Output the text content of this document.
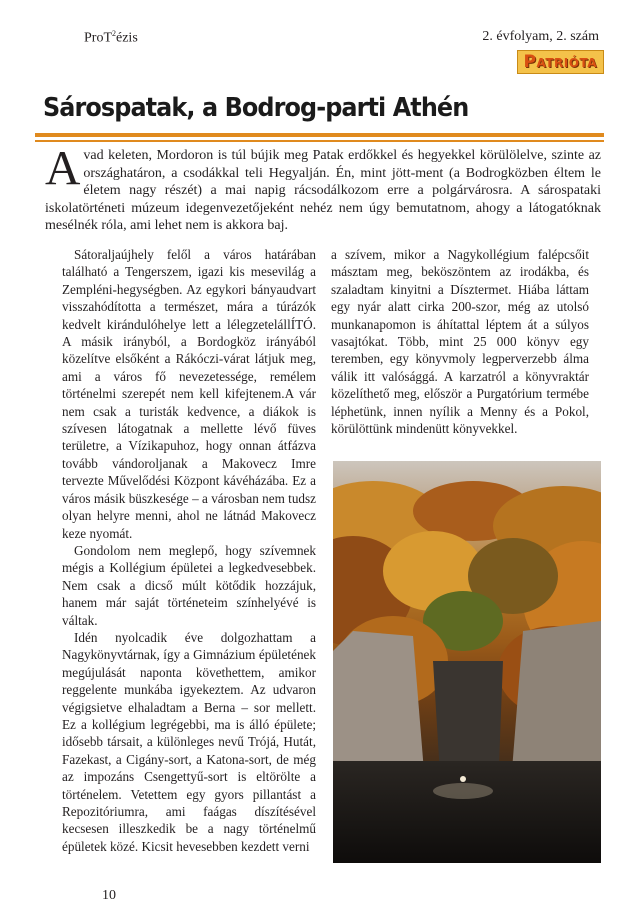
ProT$^2$ézis	2. évfolyam, 2. szám
Patrióta
Sárospatak, a Bodrog-parti Athén
Avad keleten, Mordoron is túl bújik meg Patak erdőkkel és hegyekkel körülölelve, szinte az országhatáron, a csodákkal teli Hegyalján. Én, mint jött-ment (a Bodrogközben éltem le életem nagy részét) a mai napig rácsodálkozom erre a polgárvárosra. A sárospataki iskolatörténeti múzeum idegenvezetőjeként nehéz nem úgy bemutatnom, ahogy a látogatóknak mesélnék róla, ami lehet nem is akkora baj.

Sátoraljaújhely felől a város határában található a Tengerszem, igazi kis mesevilág a Zempléni-hegységben. Az egykori bányaudvart visszahódította a természet, mára a túrázók kedvelt kirándulóhelye lett a lélegzetelállÍTÓ. A másik irányból, a Bordogköz irányából közelítve elsőként a Rákóczi-várat látjuk meg, ami a város fő nevezetessége, remélem történelmi szerepét nem kell kifejtenem.A vár nem csak a turisták kedvence, a diákok is szívesen látogatnak a mellette lévő füves területre, a Vízikapuhoz, hogy onnan átfázva tovább vándoroljanak a Makovecz Imre tervezte Művelődési Központ kávéházába. Ez a város másik büszkesége – a városban nem tudsz olyan helyre menni, ahol ne látnád Makovecz keze nyomát.

Gondolom nem meglepő, hogy szívemnek mégis a Kollégium épületei a legkedvesebbek. Nem csak a dicső múlt kötődik hozzájuk, hanem már saját történeteim színhelyévé is váltak.

Idén nyolcadik éve dolgozhattam a Nagykönyvtárnak, így a Gimnázium épületének megújulását naponta követhettem, amikor reggelente munkába igyekeztem. Az udvaron végigsietve elhaladtam a Berna – sor mellett. Ez a kollégium legrégebbi, ma is álló épülete; idősebb társait, a különleges nevű Trójá, Hutát, Fazekast, a Cigány-sort, a Katona-sort, de még az impozáns Csengettyű-sort is eltörölte a történelem. Vetettem egy gyors pillantást a Repozitóriumra, ami faágas díszítésével kecsesen illeszkedik be a nagy történelmű épületek közé. Kicsit hevesebben kezdett verni

a szívem, mikor a Nagykollégium falépcsőit másztam meg, beköszöntem az irodákba, és szaladtam kinyitni a Dísztermet. Hiába láttam egy nyár alatt cirka 200-szor, még az utolsó munkanapomon is áhítattal léptem át a súlyos vasajtókat. Több, mint 25 000 könyv egy teremben, egy könyvmoly legperverzebb álma válik itt valósággá. A karzatról a könyvraktár közelíthető meg, először a Purgatórium termébe léphetünk, innen nyílik a Menny és a Pokol, körülöttünk mindenütt könyvekkel.

10
